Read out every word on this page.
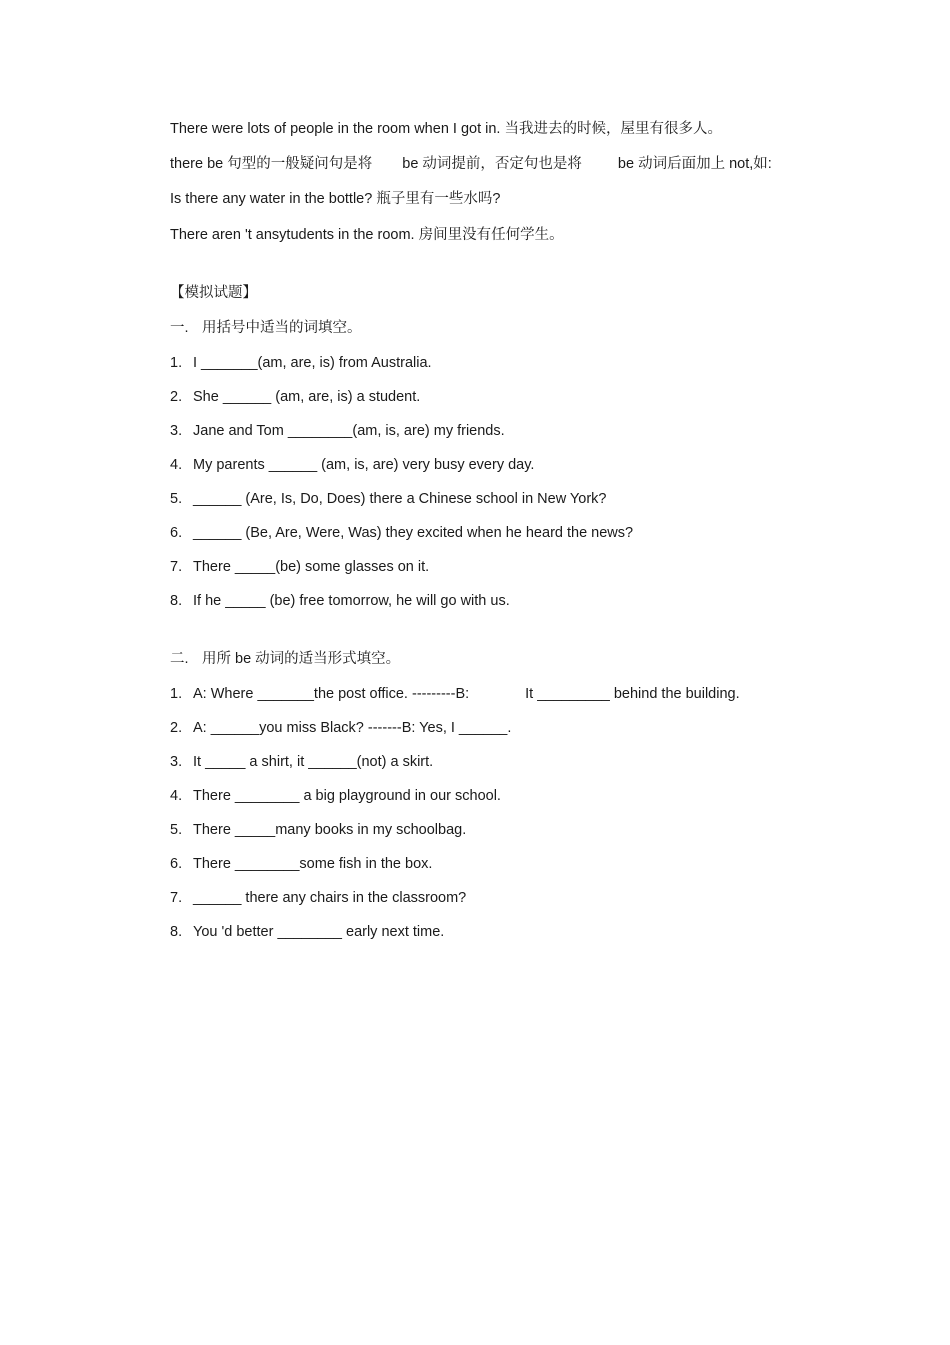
There were lots of people in the room when I got in. 当我进去的时候，屋里有很多人。
there be 句型的一般疑问句是将 be 动词提前，否定句也是将 be 动词后面加上 not,如:
Is there any water in the bottle? 瓶子里有一些水吗?
There aren 't ansytudents in the room. 房间里没有任何学生。
【模拟试题】
一. 用括号中适当的词填空。
1. I _______(am, are, is) from Australia.
2. She ______ (am, are, is) a student.
3. Jane and Tom ________(am, is, are) my friends.
4. My parents ______ (am, is, are) very busy every day.
5. ______ (Are, Is, Do, Does) there a Chinese school in New York?
6. ______ (Be, Are, Were, Was) they excited when he heard the news?
7. There _____(be) some glasses on it.
8. If he _____ (be) free tomorrow, he will go with us.
二. 用所 be 动词的适当形式填空。
1. A: Where _______the post office. ---------B:	It _________ behind the building.
2. A: ______you miss Black? -------B: Yes, I ______.
3. It _____ a shirt, it ______(not) a skirt.
4. There ________ a big playground in our school.
5. There _____many books in my schoolbag.
6. There ________some fish in the box.
7. ______ there any chairs in the classroom?
8. You 'd better ________ early next time.
